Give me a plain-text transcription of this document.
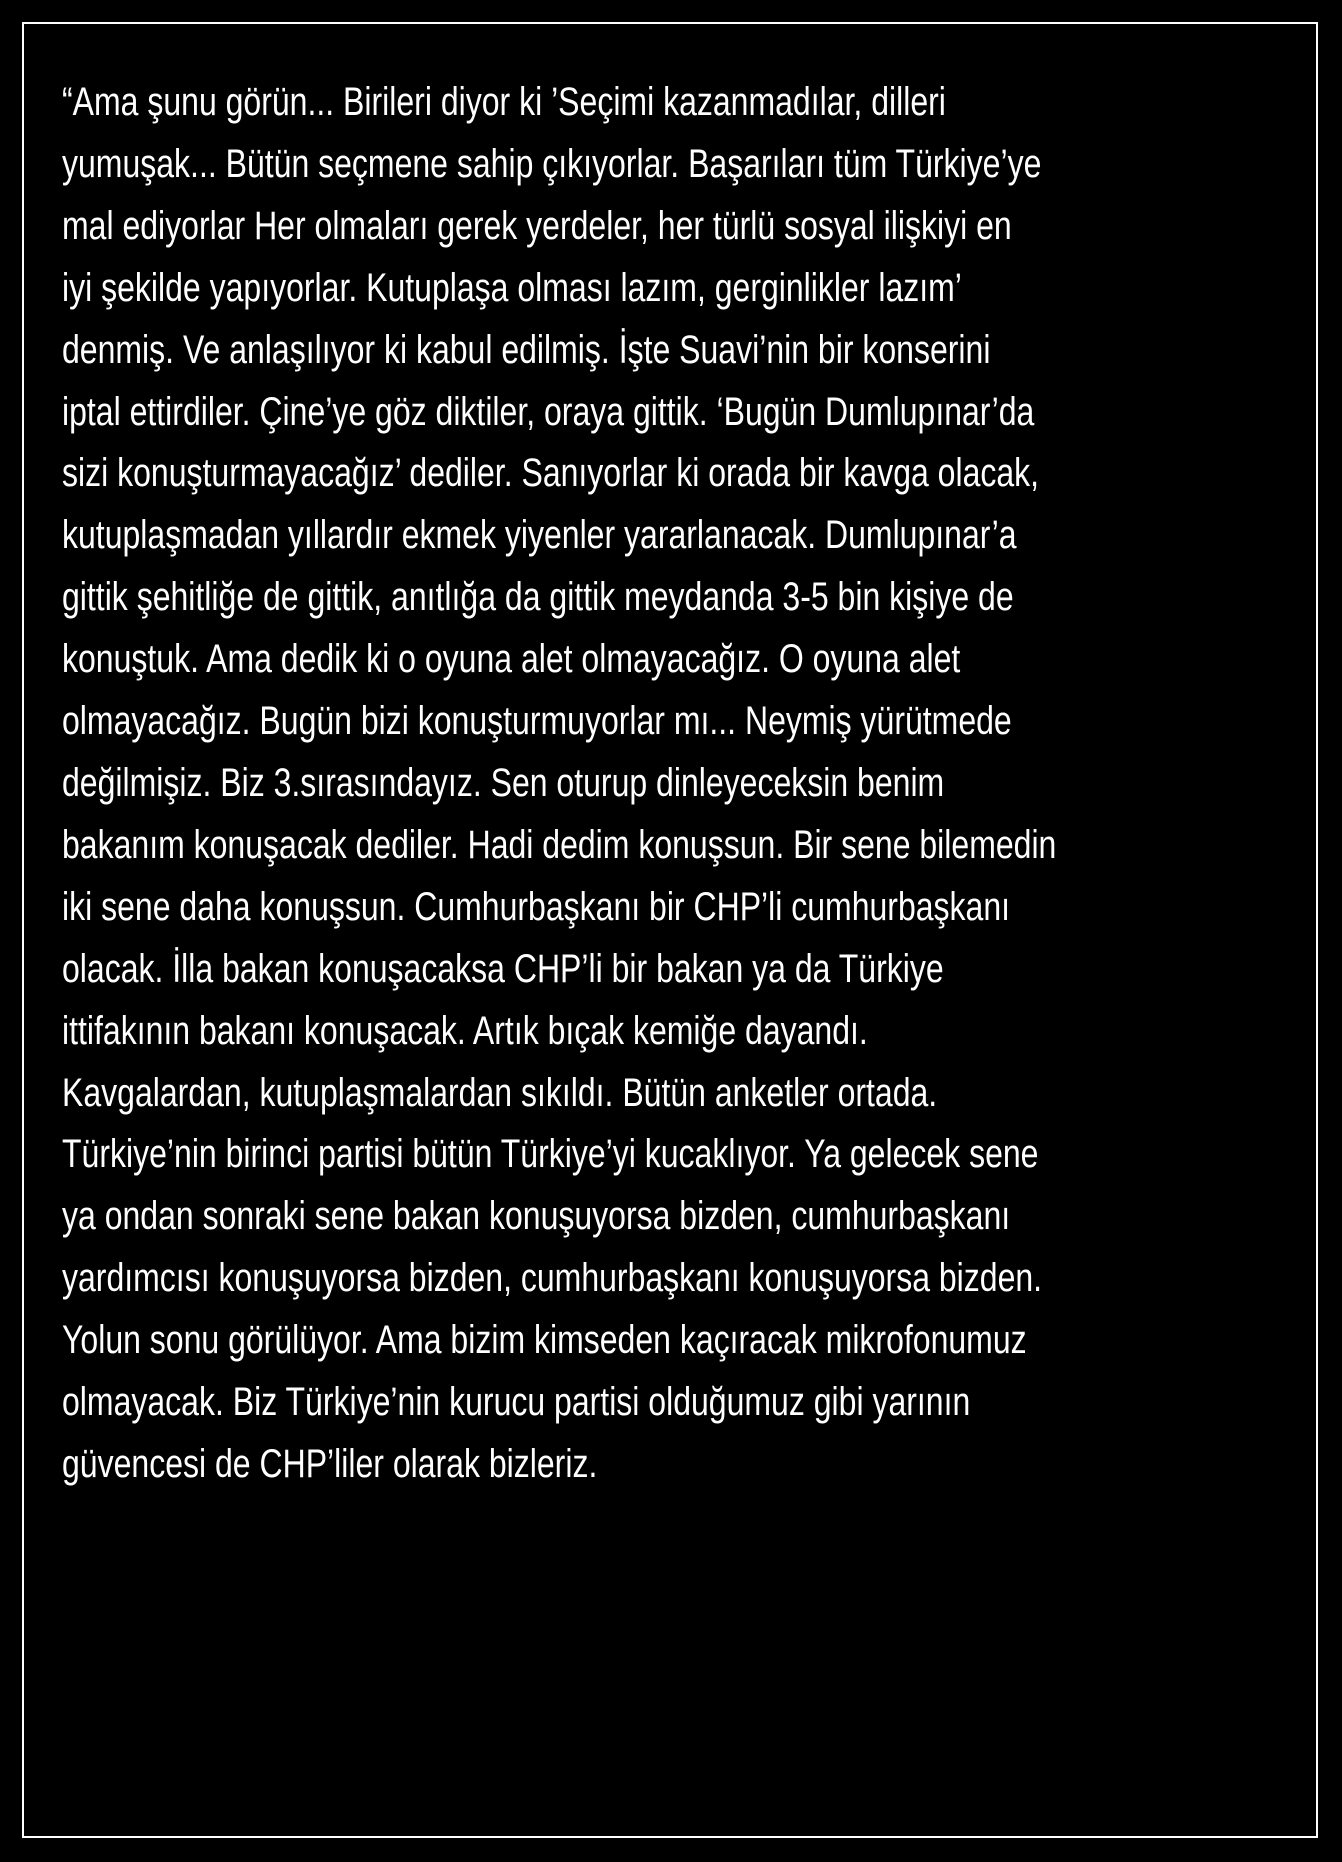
“Ama şunu görün... Birileri diyor ki ’Seçimi kazanmadılar, dilleri
yumuşak... Bütün seçmene sahip çıkıyorlar. Başarıları tüm Türkiye’ye
mal ediyorlar Her olmaları gerek yerdeler, her türlü sosyal ilişkiyi en
iyi şekilde yapıyorlar. Kutuplaşa olması lazım, gerginlikler lazım’
denmiş. Ve anlaşılıyor ki kabul edilmiş. İşte Suavi’nin bir konserini
iptal ettirdiler. Çine’ye göz diktiler, oraya gittik. ‘Bugün Dumlupınar’da
sizi konuşturmayacağız’ dediler. Sanıyorlar ki orada bir kavga olacak,
kutuplaşmadan yıllardır ekmek yiyenler yararlanacak. Dumlupınar’a
gittik şehitliğe de gittik, anıtlığa da gittik meydanda 3-5 bin kişiye de
konuştuk. Ama dedik ki o oyuna alet olmayacağız. O oyuna alet
olmayacağız. Bugün bizi konuşturmuyorlar mı... Neymiş yürütmede
değilmişiz. Biz 3.sırasındayız. Sen oturup dinleyeceksin benim
bakanım konuşacak dediler. Hadi dedim konuşsun. Bir sene bilemedin
iki sene daha konuşsun. Cumhurbaşkanı bir CHP’li cumhurbaşkanı
olacak. İlla bakan konuşacaksa CHP’li bir bakan ya da Türkiye
ittifakının bakanı konuşacak. Artık bıçak kemiğe dayandı.
Kavgalardan, kutuplaşmalardan sıkıldı. Bütün anketler ortada.
Türkiye’nin birinci partisi bütün Türkiye’yi kucaklıyor. Ya gelecek sene
ya ondan sonraki sene bakan konuşuyorsa bizden, cumhurbaşkanı
yardımcısı konuşuyorsa bizden, cumhurbaşkanı konuşuyorsa bizden.
Yolun sonu görülüyor. Ama bizim kimseden kaçıracak mikrofonumuz
olmayacak. Biz Türkiye’nin kurucu partisi olduğumuz gibi yarının
güvencesi de CHP’liler olarak bizleriz.
